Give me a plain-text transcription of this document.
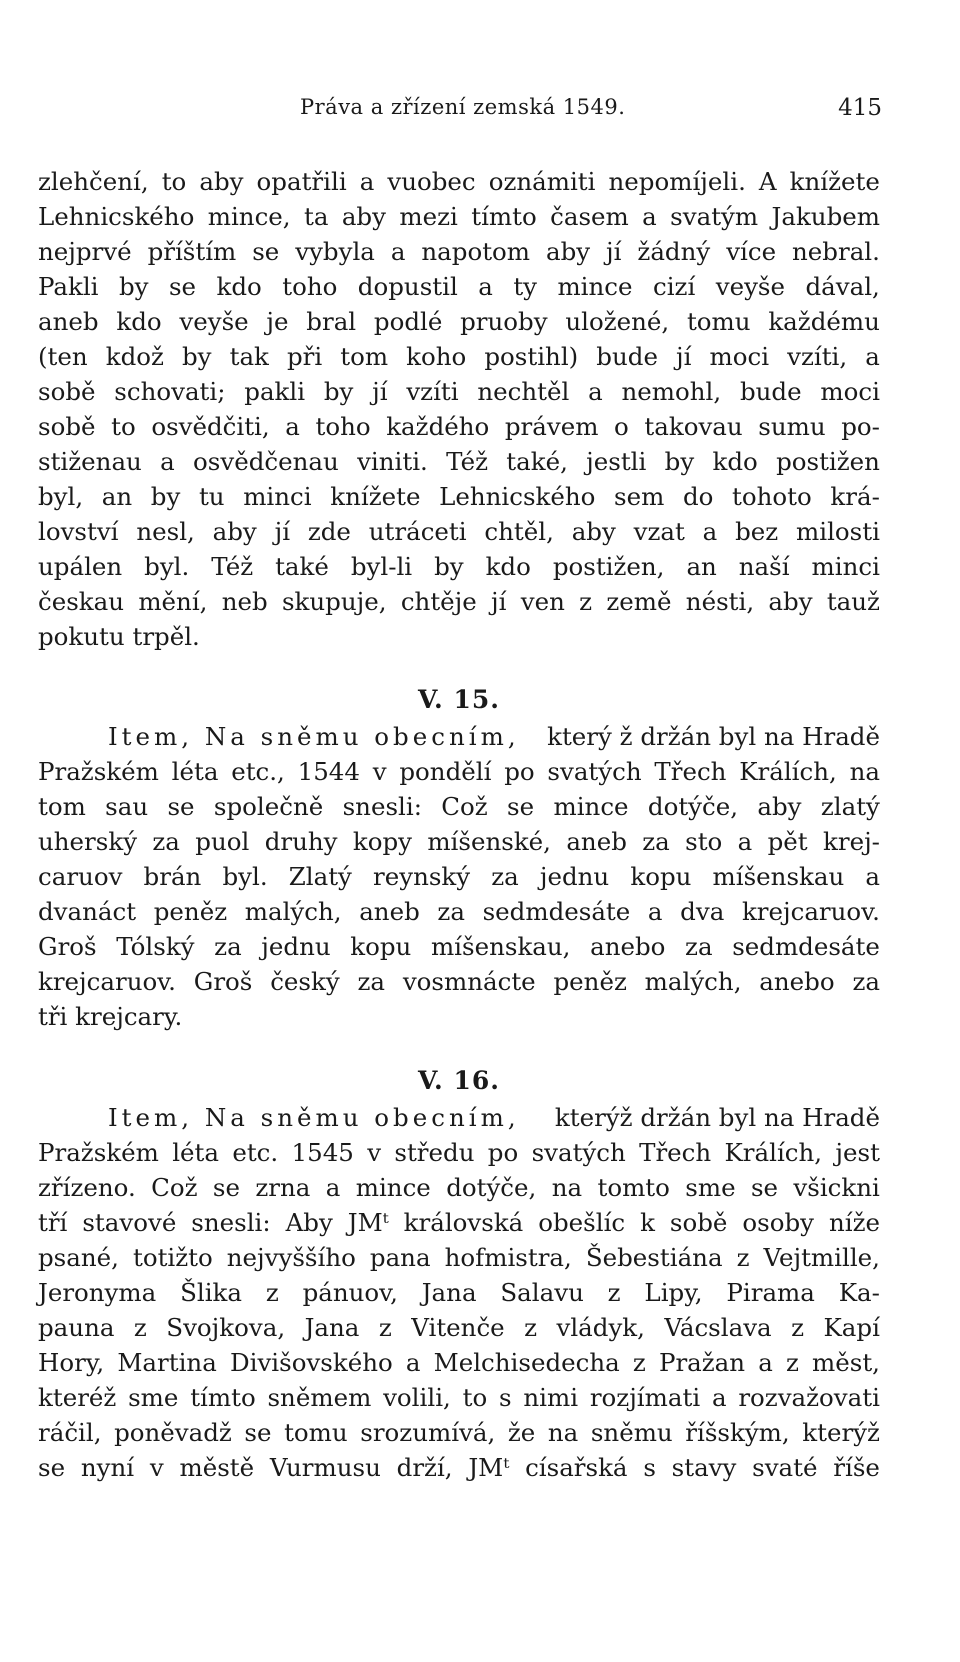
Práva a zřízení zemská 1549.	415
zlehčení, to aby opatřili a vuobec oznámiti nepomíjeli. A knížete
Lehnicského mince, ta aby mezi tímto časem a svatým Jakubem
nejprvé příštím se vybyla a napotom aby jí žádný více nebral.
Pakli by se kdo toho dopustil a ty mince cizí veyše dával,
aneb kdo veyše je bral podlé pruoby uložené, tomu každému
(ten kdož by tak při tom koho postihl) bude jí moci vzíti, a
sobě schovati; pakli by jí vzíti nechtěl a nemohl, bude moci
sobě to osvědčiti, a toho každého právem o takovau sumu po-
stiženau a osvědčenau viniti. Též také, jestli by kdo postižen
byl, an by tu minci knížete Lehnicského sem do tohoto krá-
lovství nesl, aby jí zde utráceti chtěl, aby vzat a bez milosti
upálen byl. Též také byl-li by kdo postižen, an naší minci
českau mění, neb skupuje, chtěje jí ven z země nésti, aby tauž
pokutu trpěl.
V. 15.
Item, Na sněmu obecním,	který ž držán byl na Hradě
Pražském léta etc., 1544 v pondělí po svatých Třech Králích, na
tom sau se společně snesli: Což se mince dotýče, aby zlatý
uherský za puol druhy kopy míšenské, aneb za sto a pět krej-
caruov brán byl. Zlatý reynský za jednu kopu míšenskau a
dvanáct peněz malých, aneb za sedmdesáte a dva krejcaruov.
Groš Tólský za jednu kopu míšenskau, anebo za sedmdesáte
krejcaruov. Groš český za vosmnácte peněz malých, anebo za
tři krejcary.
V. 16.
Item, Na sněmu obecním,	kterýž držán byl na Hradě
Pražském léta etc. 1545 v středu po svatých Třech Králích, jest
zřízeno. Což se zrna a mince dotýče, na tomto sme se všickni
tří stavové snesli: Aby JMᵗ královská obešlíc k sobě osoby níže
psané, totižto nejvyššího pana hofmistra, Šebestiána z Vejtmille,
Jeronyma Šlika z pánuov, Jana Salavu z Lipy, Pirama Ka-
pauna z Svojkova, Jana z Vitenče z vládyk, Vácslava z Kapí
Hory, Martina Divišovského a Melchisedecha z Pražan a z měst,
kteréž sme tímto sněmem volili, to s nimi rozjímati a rozvažovati
ráčil, poněvadž se tomu srozumívá, že na sněmu říšským, kterýž
se nyní v městě Vurmusu drží, JMᵗ císařská s stavy svaté říše
